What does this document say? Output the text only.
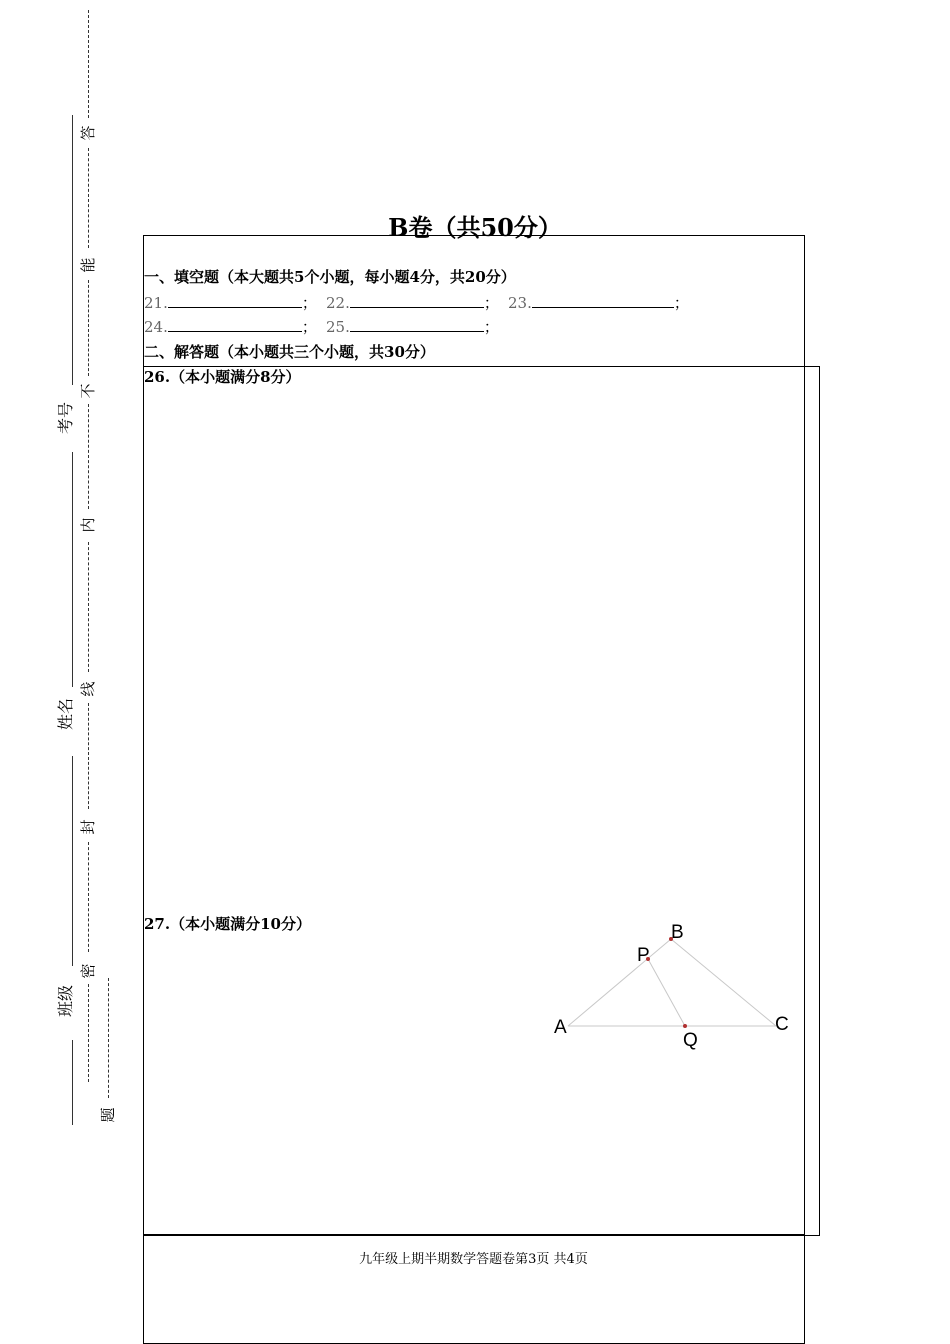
答
能
不
内
线
封
密
题
考号
姓名
班级
B卷（共50分）
一、填空题（本大题共5个小题，每小题4分，共20分）
21.	； 22.	； 23.	；
24.	； 25.	；
二、解答题（本小题共三个小题，共30分）
26.（本小题满分8分）
27.（本小题满分10分）
A
B
C
P
Q
九年级上期半期数学答题卷第3页 共4页
